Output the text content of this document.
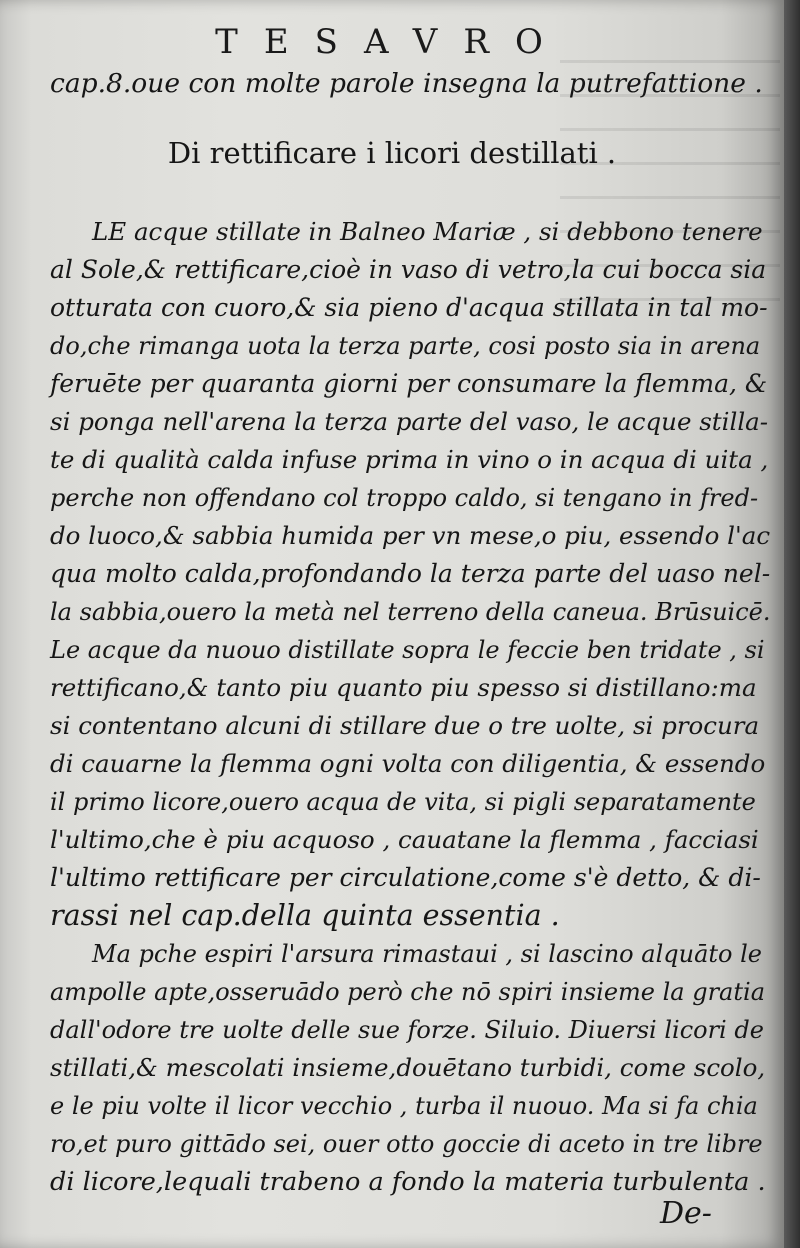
TESAVRO
cap.8.oue con molte parole insegna la putrefattione .
Di rettificare i licori destillati .
LE acque stillate in Balneo Mariæ , si debbono tenere
al Sole,& rettificare,cioè in vaso di vetro,la cui bocca sia
otturata con cuoro,& sia pieno d'acqua stillata in tal mo-
do,che rimanga uota la terza parte, cosi posto sia in arena
feruēte per quaranta giorni per consumare la flemma, &
si ponga nell'arena la terza parte del vaso, le acque stilla-
te di qualità calda infuse prima in vino o in acqua di uita ,
perche non offendano col troppo caldo, si tengano in fred-
do luoco,& sabbia humida per vn mese,o piu, essendo l'ac
qua molto calda,profondando la terza parte del uaso nel-
la sabbia,ouero la metà nel terreno della caneua. Brūsuicē.
Le acque da nuouo distillate sopra le feccie ben tridate , si
rettificano,& tanto piu quanto piu spesso si distillano:ma
si contentano alcuni di stillare due o tre uolte, si procura
di cauarne la flemma ogni volta con diligentia, & essendo
il primo licore,ouero acqua de vita, si pigli separatamente
l'ultimo,che è piu acquoso , cauatane la flemma , facciasi
l'ultimo rettificare per circulatione,come s'è detto, & di-
rassi nel cap.della quinta essentia .
Ma pche espiri l'arsura rimastaui , si lascino alquāto le
ampolle apte,osseruādo però che nō spiri insieme la gratia
dall'odore tre uolte delle sue forze. Siluio. Diuersi licori de
stillati,& mescolati insieme,douētano turbidi, come scolo,
e le piu volte il licor vecchio , turba il nuouo. Ma si fa chia
ro,et puro gittādo sei, ouer otto goccie di aceto in tre libre
di licore,lequali trabeno a fondo la materia turbulenta .
De-
